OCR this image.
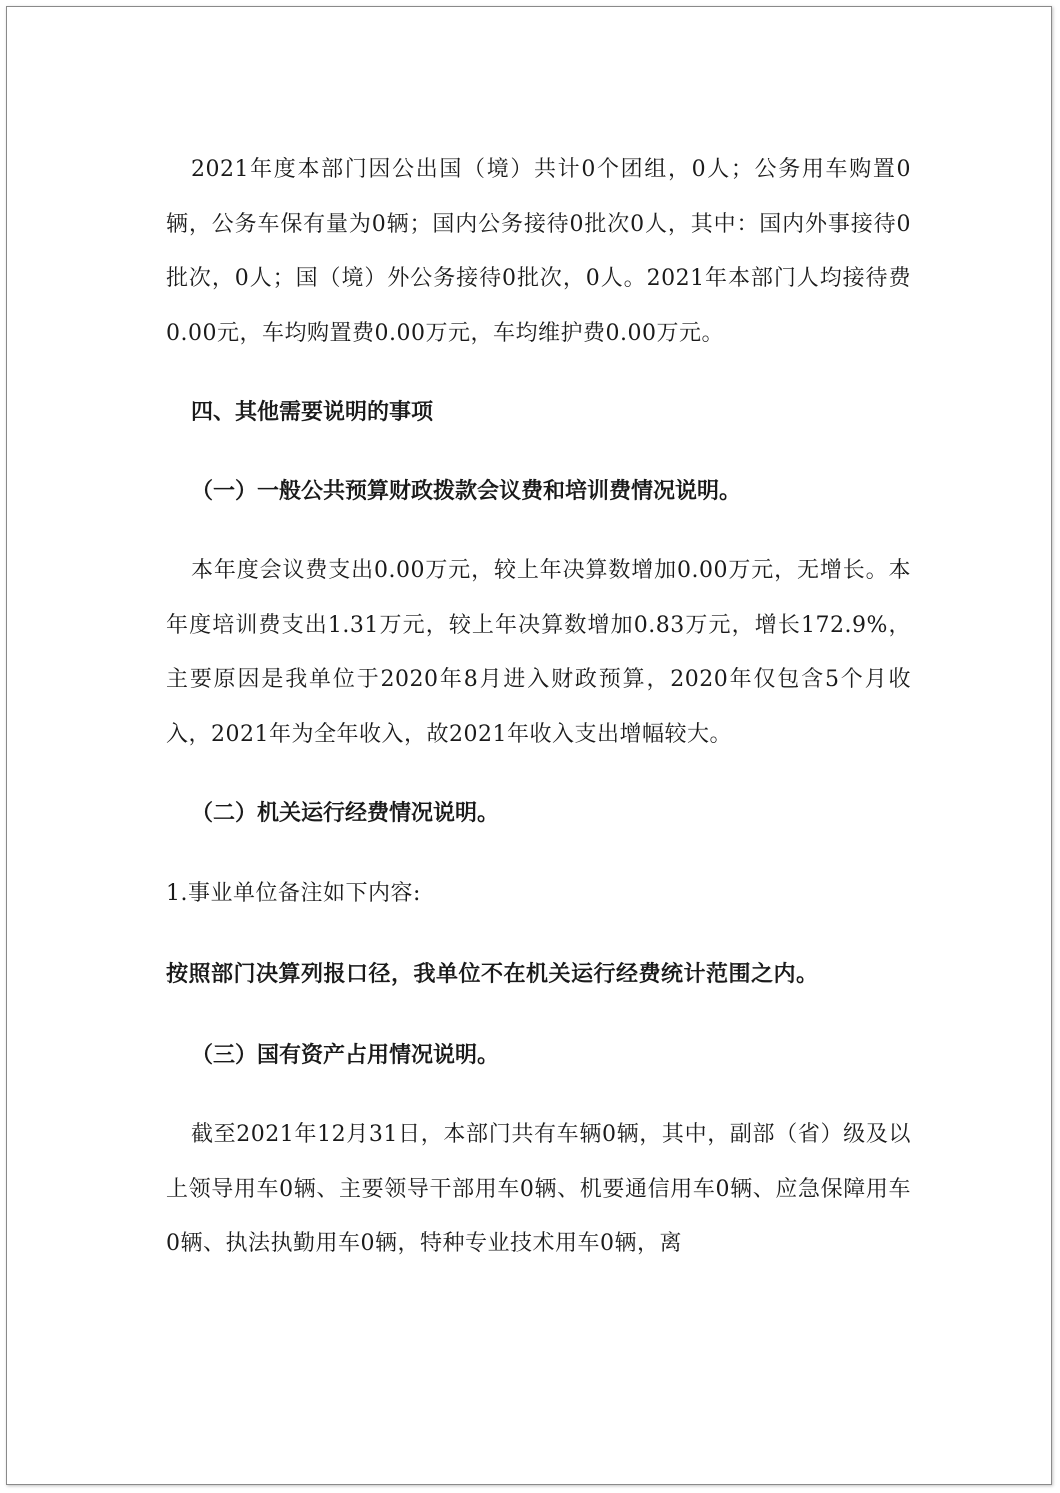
2021年度本部门因公出国（境）共计0个团组，0人；公务用车购置0辆，公务车保有量为0辆；国内公务接待0批次0人，其中：国内外事接待0批次，0人；国（境）外公务接待0批次，0人。2021年本部门人均接待费0.00元，车均购置费0.00万元，车均维护费0.00万元。

四、其他需要说明的事项

（一）一般公共预算财政拨款会议费和培训费情况说明。

本年度会议费支出0.00万元，较上年决算数增加0.00万元，无增长。本年度培训费支出1.31万元，较上年决算数增加0.83万元，增长172.9%，主要原因是我单位于2020年8月进入财政预算，2020年仅包含5个月收入，2021年为全年收入，故2021年收入支出增幅较大。

（二）机关运行经费情况说明。

1.事业单位备注如下内容:

按照部门决算列报口径，我单位不在机关运行经费统计范围之内。

（三）国有资产占用情况说明。

截至2021年12月31日，本部门共有车辆0辆，其中，副部（省）级及以上领导用车0辆、主要领导干部用车0辆、机要通信用车0辆、应急保障用车0辆、执法执勤用车0辆，特种专业技术用车0辆，离
